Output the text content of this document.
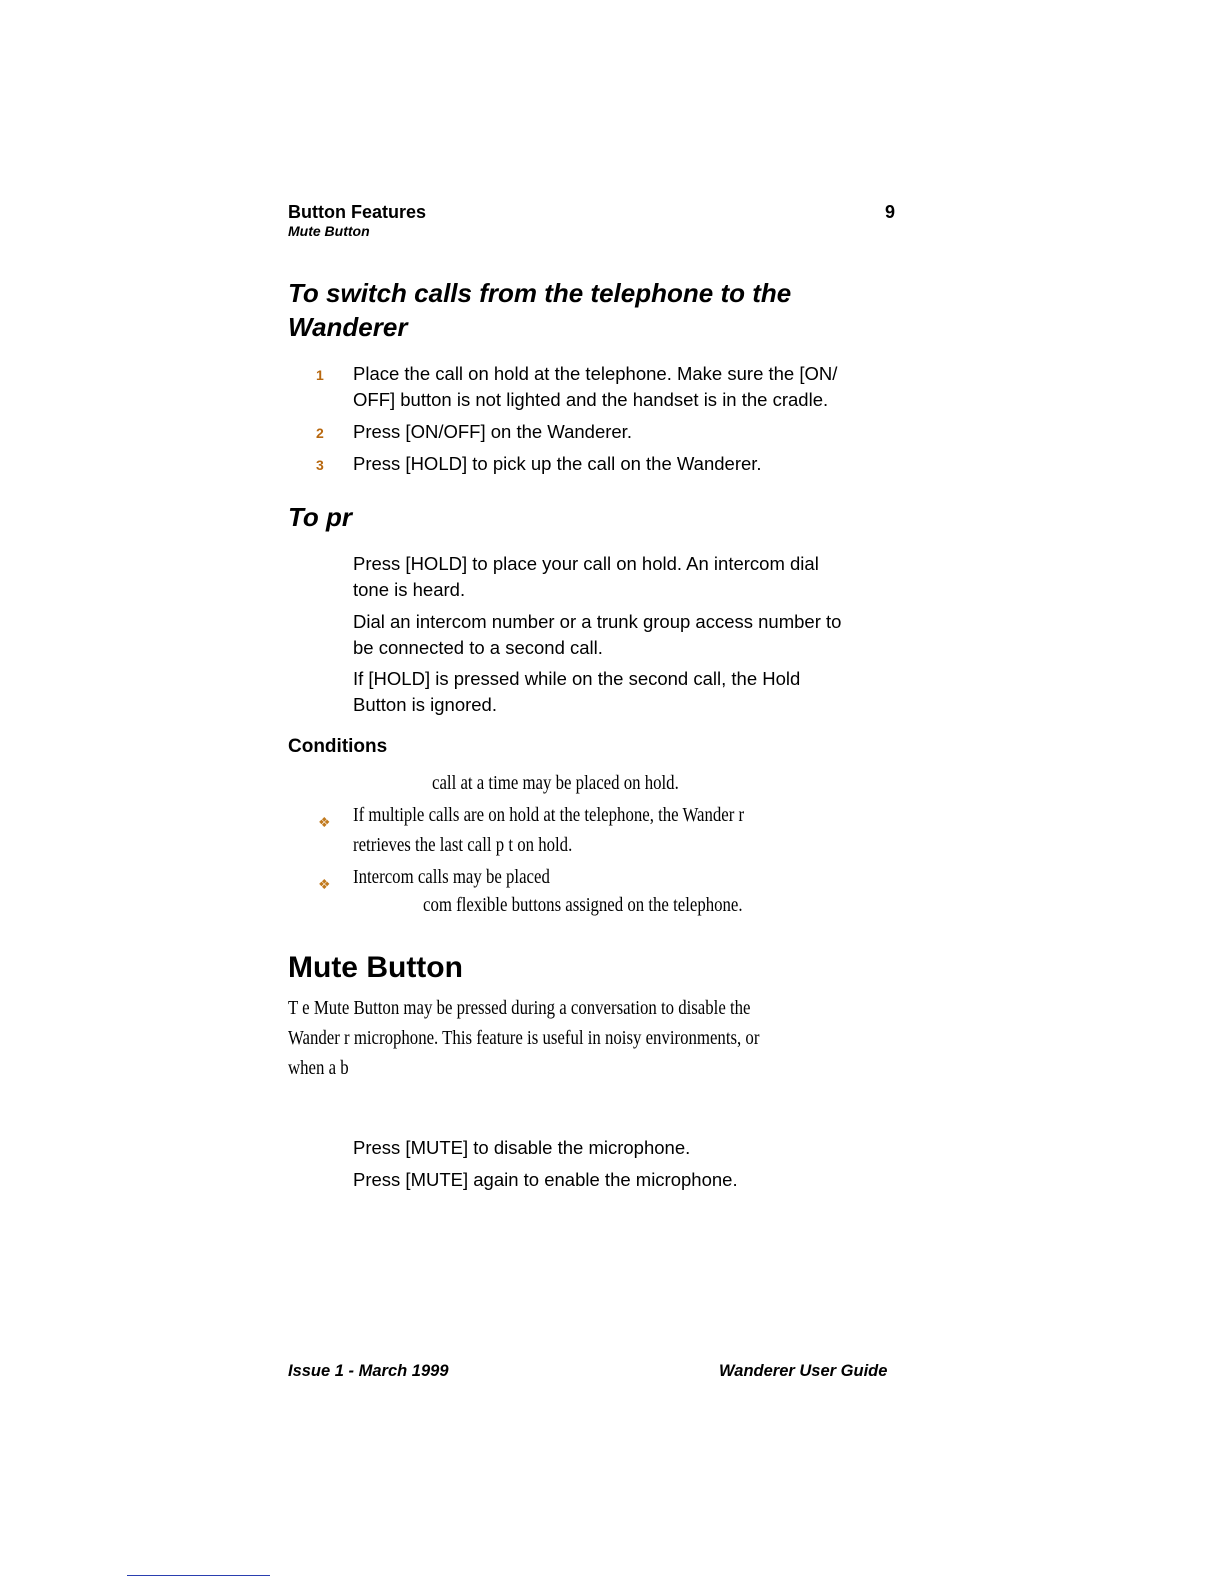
Button Features
Mute Button
9
To switch calls from the telephone to the
Wanderer
1 Place the call on hold at the telephone. Make sure the [ON/
OFF] button is not lighted and the handset is in the cradle.
2 Press [ON/OFF] on the Wanderer.
3 Press [HOLD] to pick up the call on the Wanderer.
To pr
Press [HOLD] to place your call on hold. An intercom dial
tone is heard.
Dial an intercom number or a trunk group access number to
be connected to a second call.
If [HOLD] is pressed while on the second call, the Hold
Button is ignored.
Conditions
call at a time may be placed on hold.
❖ If multiple calls are on hold at the telephone, the Wander r
retrieves the last call p t on hold.
❖ Intercom calls may be placed
com flexible buttons assigned on the telephone.
Mute Button
T e Mute Button may be pressed during a conversation to disable the
Wander r microphone. This feature is useful in noisy environments, or
when a b
Press [MUTE] to disable the microphone.
Press [MUTE] again to enable the microphone.
Issue 1 - March 1999	Wanderer User Guide
